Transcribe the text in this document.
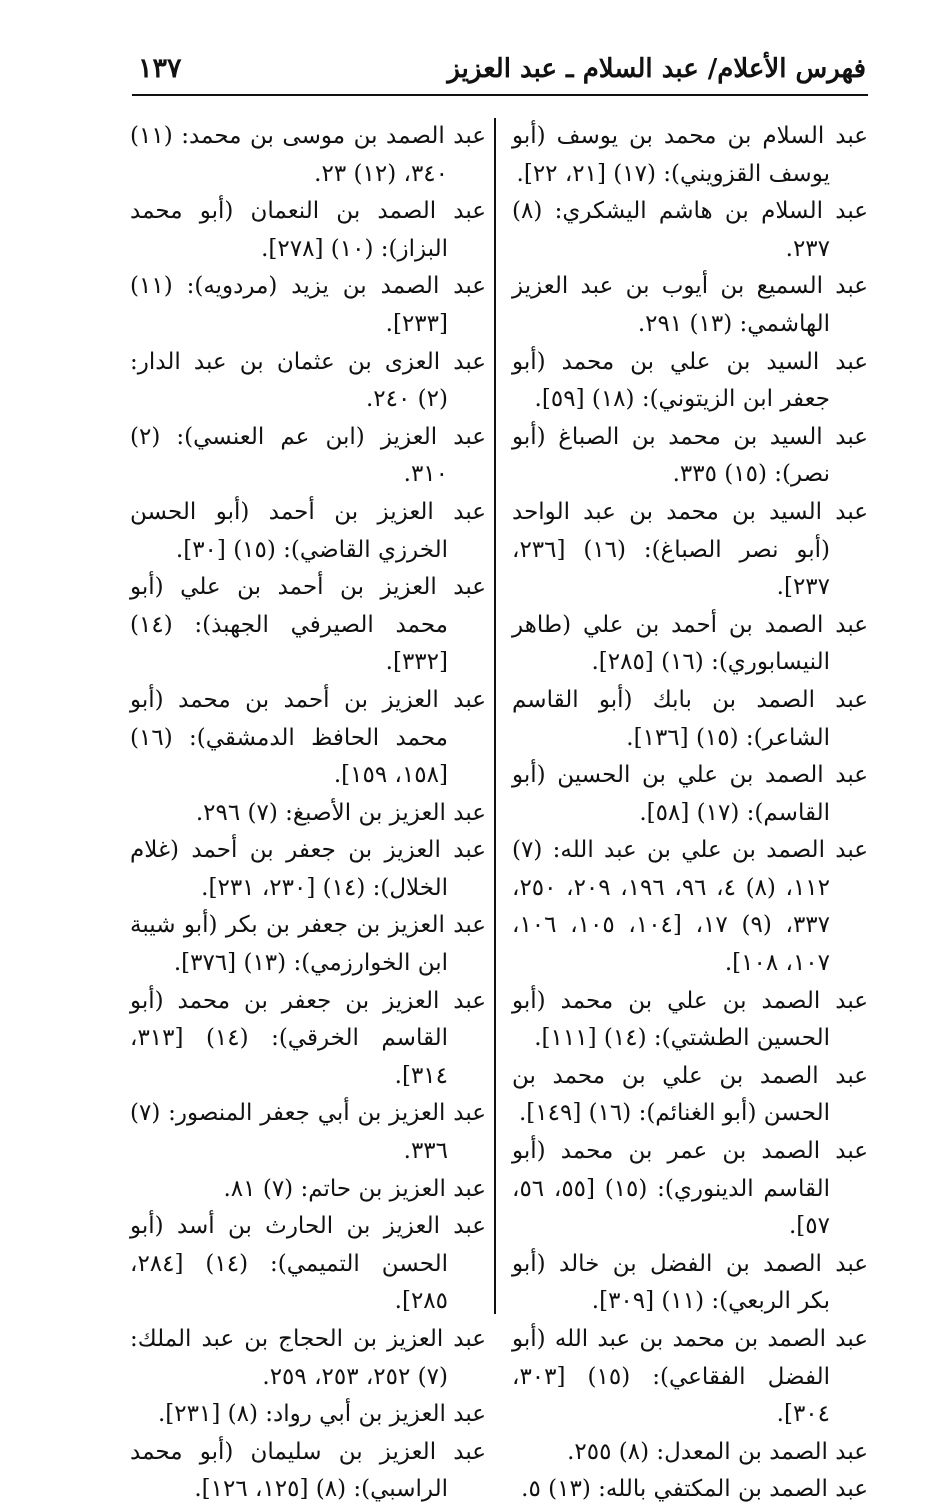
١٣٧	فهرس الأعلام/ عبد السلام ـ عبد العزيز

عبد السلام بن محمد بن يوسف (أبو يوسف القزويني): (١٧) [٢١، ٢٢].

عبد السلام بن هاشم اليشكري: (٨) ٢٣٧.

عبد السميع بن أيوب بن عبد العزيز الهاشمي: (١٣) ٢٩١.

عبد السيد بن علي بن محمد (أبو جعفر ابن الزيتوني): (١٨) [٥٩].

عبد السيد بن محمد بن الصباغ (أبو نصر): (١٥) ٣٣٥.

عبد السيد بن محمد بن عبد الواحد (أبو نصر الصباغ): (١٦) [٢٣٦، ٢٣٧].

عبد الصمد بن أحمد بن علي (طاهر النيسابوري): (١٦) [٢٨٥].

عبد الصمد بن بابك (أبو القاسم الشاعر): (١٥) [١٣٦].

عبد الصمد بن علي بن الحسين (أبو القاسم): (١٧) [٥٨].

عبد الصمد بن علي بن عبد الله: (٧) ١١٢، (٨) ٤، ٩٦، ١٩٦، ٢٠٩، ٢٥٠، ٣٣٧، (٩) ١٧، [١٠٤، ١٠٥، ١٠٦، ١٠٧، ١٠٨].

عبد الصمد بن علي بن محمد (أبو الحسين الطشتي): (١٤) [١١١].

عبد الصمد بن علي بن محمد بن الحسن (أبو الغنائم): (١٦) [١٤٩].

عبد الصمد بن عمر بن محمد (أبو القاسم الدينوري): (١٥) [٥٥، ٥٦، ٥٧].

عبد الصمد بن الفضل بن خالد (أبو بكر الربعي): (١١) [٣٠٩].

عبد الصمد بن محمد بن عبد الله (أبو الفضل الفقاعي): (١٥) [٣٠٣، ٣٠٤].

عبد الصمد بن المعدل: (٨) ٢٥٥.

عبد الصمد بن المكتفي بالله: (١٣) ٥.

عبد الصمد بن موسى بن محمد: (١١) ٣٤٠، (١٢) ٢٣.

عبد الصمد بن النعمان (أبو محمد البزاز): (١٠) [٢٧٨].

عبد الصمد بن يزيد (مردويه): (١١) [٢٣٣].

عبد العزى بن عثمان بن عبد الدار: (٢) ٢٤٠.

عبد العزيز (ابن عم العنسي): (٢) ٣١٠.

عبد العزيز بن أحمد (أبو الحسن الخرزي القاضي): (١٥) [٣٠].

عبد العزيز بن أحمد بن علي (أبو محمد الصيرفي الجهبذ): (١٤) [٣٣٢].

عبد العزيز بن أحمد بن محمد (أبو محمد الحافظ الدمشقي): (١٦) [١٥٨، ١٥٩].

عبد العزيز بن الأصبغ: (٧) ٢٩٦.

عبد العزيز بن جعفر بن أحمد (غلام الخلال): (١٤) [٢٣٠، ٢٣١].

عبد العزيز بن جعفر بن بكر (أبو شيبة ابن الخوارزمي): (١٣) [٣٧٦].

عبد العزيز بن جعفر بن محمد (أبو القاسم الخرقي): (١٤) [٣١٣، ٣١٤].

عبد العزيز بن أبي جعفر المنصور: (٧) ٣٣٦.

عبد العزيز بن حاتم: (٧) ٨١.

عبد العزيز بن الحارث بن أسد (أبو الحسن التميمي): (١٤) [٢٨٤، ٢٨٥].

عبد العزيز بن الحجاج بن عبد الملك: (٧) ٢٥٢، ٢٥٣، ٢٥٩.

عبد العزيز بن أبي رواد: (٨) [٢٣١].

عبد العزيز بن سليمان (أبو محمد الراسبي): (٨) [١٢٥، ١٢٦].
